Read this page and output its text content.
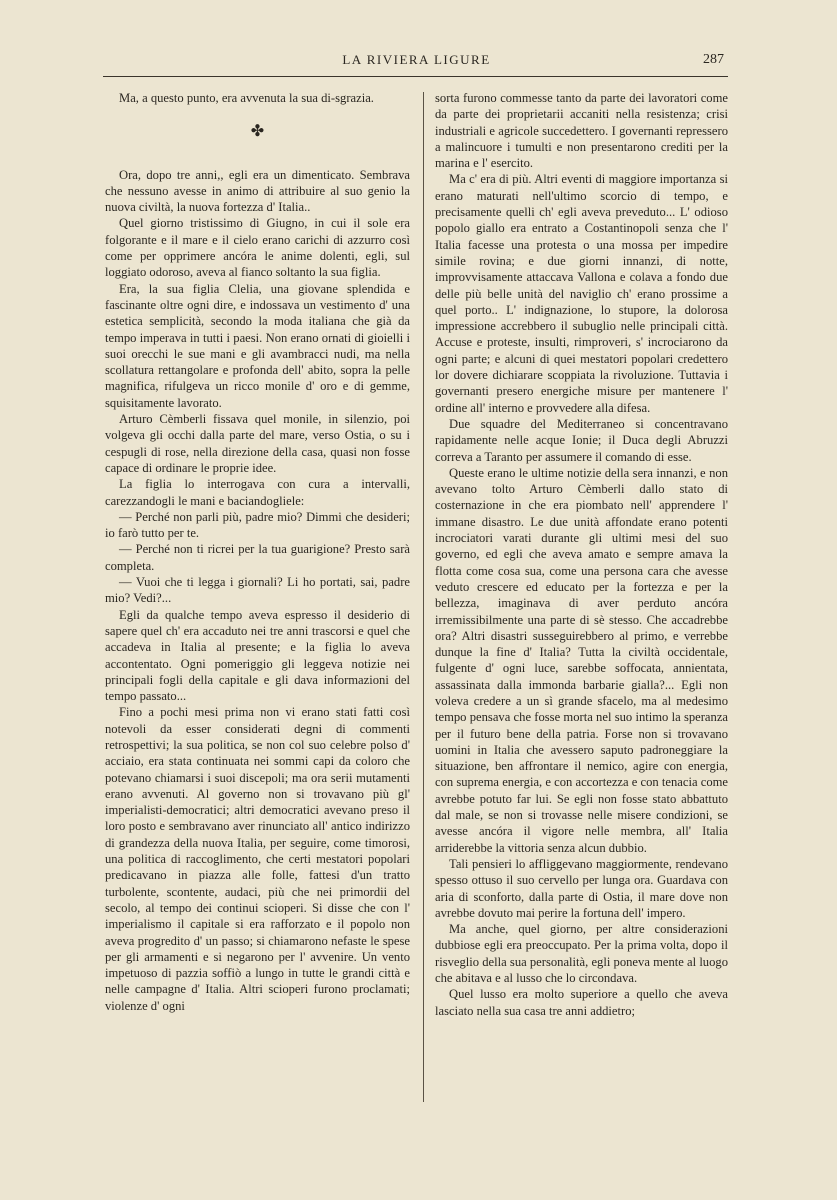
LA RIVIERA LIGURE	287

Ma, a questo punto, era avvenuta la sua di-sgrazia.

✤

Ora, dopo tre anni,, egli era un dimenticato. Sembrava che nessuno avesse in animo di attribuire al suo genio la nuova civiltà, la nuova fortezza d' Italia..

Quel giorno tristissimo di Giugno, in cui il sole era folgorante e il mare e il cielo erano carichi di azzurro così come per opprimere ancóra le anime dolenti, egli, sul loggiato odoroso, aveva al fianco soltanto la sua figlia.

Era, la sua figlia Clelia, una giovane splendida e fascinante oltre ogni dire, e indossava un vestimento d' una estetica semplicità, secondo la moda italiana che già da tempo imperava in tutti i paesi. Non erano ornati di gioielli i suoi orecchi le sue mani e gli avambracci nudi, ma nella scollatura rettangolare e profonda dell' abito, sopra la pelle magnifica, rifulgeva un ricco monile d' oro e di gemme, squisitamente lavorato.

Arturo Cèmberli fissava quel monile, in silenzio, poi volgeva gli occhi dalla parte del mare, verso Ostia, o su i cespugli di rose, nella direzione della casa, quasi non fosse capace di ordinare le proprie idee.

La figlia lo interrogava con cura a intervalli, carezzandogli le mani e baciandogliele:

— Perché non parli più, padre mio? Dimmi che desideri; io farò tutto per te.

— Perché non ti ricrei per la tua guarigione? Presto sarà completa.

— Vuoi che ti legga i giornali? Li ho portati, sai, padre mio? Vedi?...

Egli da qualche tempo aveva espresso il desiderio di sapere quel ch' era accaduto nei tre anni trascorsi e quel che accadeva in Italia al presente; e la figlia lo aveva accontentato. Ogni pomeriggio gli leggeva notizie nei principali fogli della capitale e gli dava informazioni del tempo passato...

Fino a pochi mesi prima non vi erano stati fatti così notevoli da esser considerati degni di commenti retrospettivi; la sua politica, se non col suo celebre polso d' acciaio, era stata continuata nei sommi capi da coloro che potevano chiamarsi i suoi discepoli; ma ora serii mutamenti erano avvenuti. Al governo non si trovavano più gl' imperialisti-democratici; altri democratici avevano preso il loro posto e sembravano aver rinunciato all' antico indirizzo di grandezza della nuova Italia, per seguire, come timorosi, una politica di raccoglimento, che certi mestatori popolari predicavano in piazza alle folle, fattesi d'un tratto turbolente, scontente, audaci, più che nei primordii del secolo, al tempo dei continui scioperi. Si disse che con l' imperialismo il capitale si era rafforzato e il popolo non aveva progredito d' un passo; si chiamarono nefaste le spese per gli armamenti e si negarono per l' avvenire. Un vento impetuoso di pazzia soffiò a lungo in tutte le grandi città e nelle campagne d' Italia. Altri scioperi furono proclamati; violenze d' ogni

sorta furono commesse tanto da parte dei lavoratori come da parte dei proprietarii accaniti nella resistenza; crisi industriali e agricole succedettero. I governanti repressero a malincuore i tumulti e non presentarono crediti per la marina e l' esercito.

Ma c' era di più. Altri eventi di maggiore importanza si erano maturati nell'ultimo scorcio di tempo, e precisamente quelli ch' egli aveva preveduto... L' odioso popolo giallo era entrato a Costantinopoli senza che l' Italia facesse una protesta o una mossa per impedire simile rovina; e due giorni innanzi, di notte, improvvisamente attaccava Vallona e colava a fondo due delle più belle unità del naviglio ch' erano prossime a quel porto.. L' indignazione, lo stupore, la dolorosa impressione accrebbero il subuglio nelle principali città. Accuse e proteste, insulti, rimproveri, s' incrociarono da ogni parte; e alcuni di quei mestatori popolari credettero lor dovere dichiarare scoppiata la rivoluzione. Tuttavia i governanti presero energiche misure per mantenere l' ordine all' interno e provvedere alla difesa.

Due squadre del Mediterraneo si concentravano rapidamente nelle acque Ionie; il Duca degli Abruzzi correva a Taranto per assumere il comando di esse.

Queste erano le ultime notizie della sera innanzi, e non avevano tolto Arturo Cèmberli dallo stato di costernazione in che era piombato nell' apprendere l' immane disastro. Le due unità affondate erano potenti incrociatori varati durante gli ultimi mesi del suo governo, ed egli che aveva amato e sempre amava la flotta come cosa sua, come una persona cara che avesse veduto crescere ed educato per la fortezza e per la bellezza, imaginava di aver perduto ancóra irremissibilmente una parte di sè stesso. Che accadrebbe ora? Altri disastri susseguirebbero al primo, e verrebbe dunque la fine d' Italia? Tutta la civiltà occidentale, fulgente d' ogni luce, sarebbe soffocata, annientata, assassinata dalla immonda barbarie gialla?... Egli non voleva credere a un sì grande sfacelo, ma al medesimo tempo pensava che fosse morta nel suo intimo la speranza per il futuro bene della patria. Forse non si trovavano uomini in Italia che avessero saputo padroneggiare la situazione, ben affrontare il nemico, agire con energia, con suprema energia, e con accortezza e con tenacia come avrebbe potuto far lui. Se egli non fosse stato abbattuto dal male, se non si trovasse nelle misere condizioni, se avesse ancóra il vigore nelle membra, all' Italia arriderebbe la vittoria senza alcun dubbio.

Tali pensieri lo affliggevano maggiormente, rendevano spesso ottuso il suo cervello per lunga ora. Guardava con aria di sconforto, dalla parte di Ostia, il mare dove non avrebbe dovuto mai perire la fortuna dell' impero.

Ma anche, quel giorno, per altre considerazioni dubbiose egli era preoccupato. Per la prima volta, dopo il risveglio della sua personalità, egli poneva mente al luogo che abitava e al lusso che lo circondava.

Quel lusso era molto superiore a quello che aveva lasciato nella sua casa tre anni addietro;
